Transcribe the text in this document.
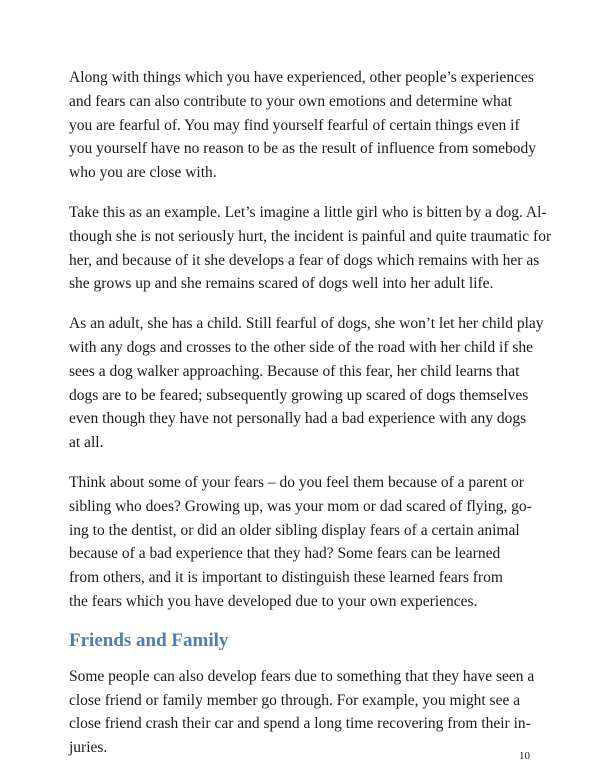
Along with things which you have experienced, other people’s experiences
and fears can also contribute to your own emotions and determine what
you are fearful of. You may find yourself fearful of certain things even if
you yourself have no reason to be as the result of influence from somebody
who you are close with.

Take this as an example. Let’s imagine a little girl who is bitten by a dog. Al-
though she is not seriously hurt, the incident is painful and quite traumatic for
her, and because of it she develops a fear of dogs which remains with her as
she grows up and she remains scared of dogs well into her adult life.

As an adult, she has a child. Still fearful of dogs, she won’t let her child play
with any dogs and crosses to the other side of the road with her child if she
sees a dog walker approaching. Because of this fear, her child learns that
dogs are to be feared; subsequently growing up scared of dogs themselves
even though they have not personally had a bad experience with any dogs
at all.

Think about some of your fears – do you feel them because of a parent or
sibling who does? Growing up, was your mom or dad scared of flying, go-
ing to the dentist, or did an older sibling display fears of a certain animal
because of a bad experience that they had? Some fears can be learned
from others, and it is important to distinguish these learned fears from
the fears which you have developed due to your own experiences.

Friends and Family

Some people can also develop fears due to something that they have seen a
close friend or family member go through. For example, you might see a
close friend crash their car and spend a long time recovering from their in-
juries.	10
